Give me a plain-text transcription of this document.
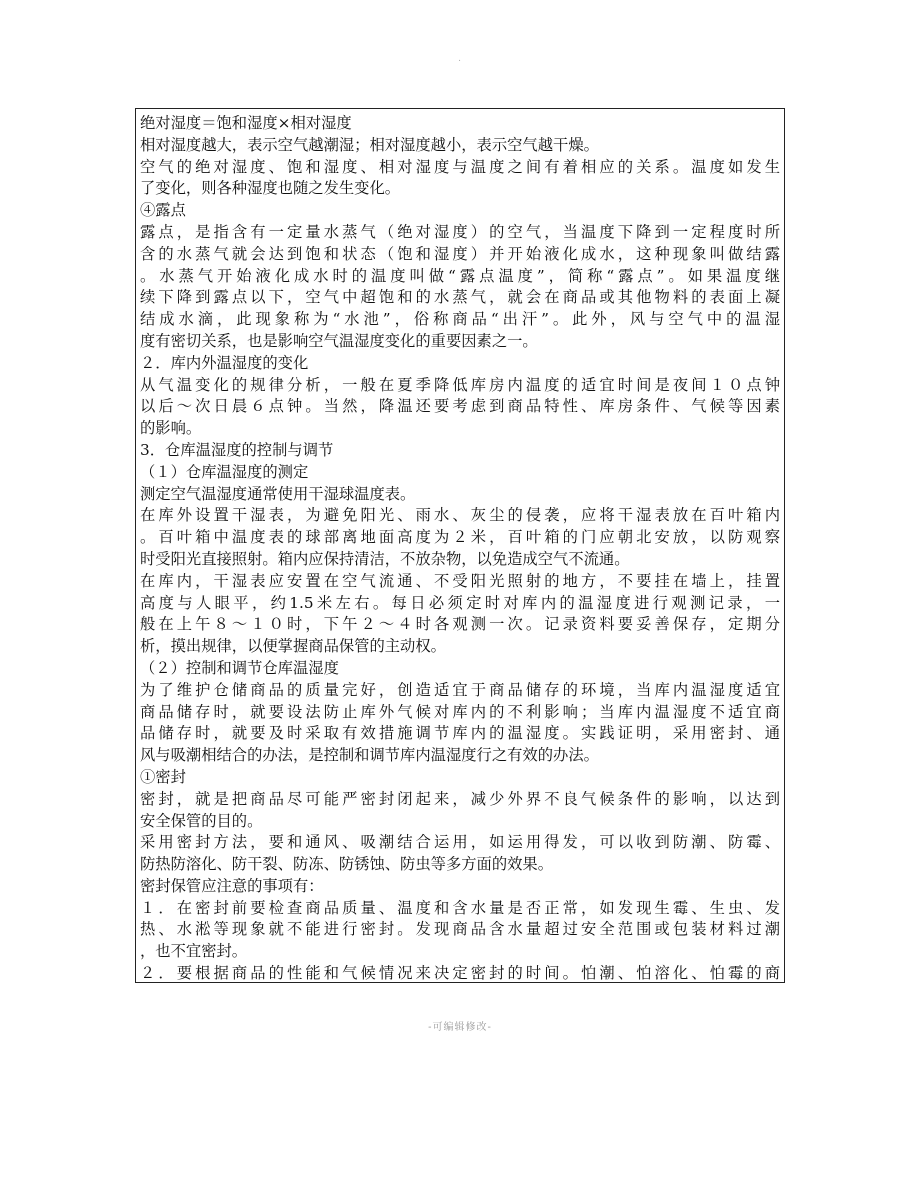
.
绝对湿度＝饱和湿度×相对湿度
相对湿度越大，表示空气越潮湿；相对湿度越小，表示空气越干燥。
空气的绝对湿度、饱和湿度、相对湿度与温度之间有着相应的关系。温度如发生
了变化，则各种湿度也随之发生变化。
④露点
露点，是指含有一定量水蒸气（绝对湿度）的空气，当温度下降到一定程度时所
含的水蒸气就会达到饱和状态（饱和湿度）并开始液化成水，这种现象叫做结露
。水蒸气开始液化成水时的温度叫做“露点温度”，简称“露点”。如果温度继
续下降到露点以下，空气中超饱和的水蒸气，就会在商品或其他物料的表面上凝
结成水滴，此现象称为“水池”，俗称商品“出汗”。此外，风与空气中的温湿
度有密切关系，也是影响空气温湿度变化的重要因素之一。
２．库内外温湿度的变化
从气温变化的规律分析，一般在夏季降低库房内温度的适宜时间是夜间１０点钟
以后～次日晨６点钟。当然，降温还要考虑到商品特性、库房条件、气候等因素
的影响。
3．仓库温湿度的控制与调节
（１）仓库温湿度的测定
测定空气温湿度通常使用干湿球温度表。
在库外设置干湿表，为避免阳光、雨水、灰尘的侵袭，应将干湿表放在百叶箱内
。百叶箱中温度表的球部离地面高度为２米，百叶箱的门应朝北安放，以防观察
时受阳光直接照射。箱内应保持清洁，不放杂物，以免造成空气不流通。
在库内，干湿表应安置在空气流通、不受阳光照射的地方，不要挂在墙上，挂置
高度与人眼平，约1.5米左右。每日必须定时对库内的温湿度进行观测记录，一
般在上午８～１０时，下午２～４时各观测一次。记录资料要妥善保存，定期分
析，摸出规律，以便掌握商品保管的主动权。
（２）控制和调节仓库温湿度
为了维护仓储商品的质量完好，创造适宜于商品储存的环境，当库内温湿度适宜
商品储存时，就要设法防止库外气候对库内的不利影响；当库内温湿度不适宜商
品储存时，就要及时采取有效措施调节库内的温湿度。实践证明，采用密封、通
风与吸潮相结合的办法，是控制和调节库内温湿度行之有效的办法。
①密封
密封，就是把商品尽可能严密封闭起来，减少外界不良气候条件的影响，以达到
安全保管的目的。
采用密封方法，要和通风、吸潮结合运用，如运用得发，可以收到防潮、防霉、
防热防溶化、防干裂、防冻、防锈蚀、防虫等多方面的效果。
密封保管应注意的事项有：
１．在密封前要检查商品质量、温度和含水量是否正常，如发现生霉、生虫、发
热、水淞等现象就不能进行密封。发现商品含水量超过安全范围或包装材料过潮
，也不宜密封。
２．要根据商品的性能和气候情况来决定密封的时间。怕潮、怕溶化、怕霉的商
-可编辑修改-
